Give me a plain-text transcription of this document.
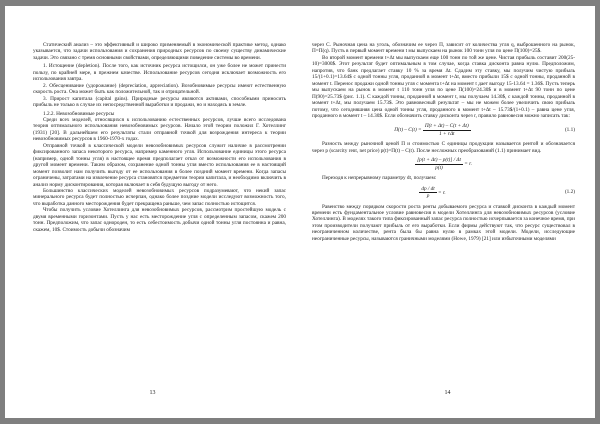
Статический анализ – это эффективный и широко применяемый в экономической практике метод, однако указывается, что задачи использования и сохранения природных ресурсов по своему существу динамические задачи. Это связано с тремя основными свойствами, определяющими поведение системы во времени.

1. Истощение (depletion). После того, как источник ресурса истощился, он уже более не может принести пользу, по крайней мере, в прежнем качестве. Использование ресурсов сегодня исключает возможность его использования завтра.

2. Обесценивание (удорожание) (depreciation, appreciation). Возобновимые ресурсы имеют естественную скорость роста. Она может быть как положительной, так и отрицательной.

3. Прирост капитала (capital gains). Природные ресурсы являются активами, способными приносить прибыль не только в случае их непосредственной выработки и продажи, но и находясь в земле.

1.2.2. Невозобновимые ресурсы

Среди всех моделей, относящихся к использованию естественных ресурсов, лучше всего исследована теория оптимального использования невозобновимых ресурсов. Начало этой теории положил Г. Хотеллинг (1931) [20]. В дальнейшем его результаты стали отправной точкой для возрождения интереса к теории невозобновимых ресурсов в 1960-1970-х годах.

Отправной точкой в классической модели невозобновимых ресурсов служит наличие в рассмотрении фиксированного запаса некоторого ресурса, например каменного угля. Использование единицы этого ресурса (например, одной тонны угля) в настоящее время предполагает отказ от возможности его использования в другой момент времени. Таким образом, сохранение одной тонны угля вместо использования ее в настоящий момент позволит нам получить выгоду от ее использования в более поздний момент времени. Когда запасы ограничены, затратами на извлечение ресурса становятся предметом теории капитала, и необходимо включить в анализ норму дисконтирования, которая включает в себя будущую выгоду от него.

Большинство классических моделей невозобновимых ресурсов подразумевают, что некий запас минерального ресурса будет полностью исчерпан, однако более поздние модели исследуют возможность того, что выработка данного месторождения будет прекращена раньше, чем запас полностью истощится.

Чтобы получить условие Хотеллинга для невозобновимых ресурсов, рассмотрим простейшую модель с двумя временными горизонтами. Пусть у нас есть месторождение угля с определенным запасом, скажем 200 тонн. Предположим, что запас однороден, то есть себестоимость добычи одной тонны угля постоянна и равна, скажем, 10$. Стоимость добычи обозначим

13

через C. Рыночная цена на уголь, обозначим ее через П, зависит от количества угля q, выброшенного на рынок, П=П(q). Пусть в первый момент времени t мы выпускаем на рынок 100 тонн угля по цене П(100)=25$.

Во второй момент времени t+Δt мы выпускаем еще 100 тонн по той же цене. Чистая прибыль составит 200(25-10)=3000$. Этот результат будет оптимальным в том случае, когда ставка дисконта равна нулю. Предположим, напротив, что банк предлагает ставку 10 % за время Δt. Сдадим эту ставку, мы получим чистую прибыль 15/(1+0.1)=13.64$ с одной тонны угля, проданной в момент t+Δt, вместо прибыли 15$ с одной тонны, проданной в момент t. Перенос продажи одной тонны угля с момента t+Δt на момент t дает выгоду 15-13.64 = 1.36$. Пусть теперь мы выпускаем на рынок в момент t 110 тонн угля по цене П(100)=24.30$ и в момент t+Δt 90 тонн по цене П(90)=25.73$ (рис. 1.1). С каждой тонны, проданной в момент t, мы получаем 14.30$, с каждой тонны, проданной в момент t+Δt, мы получаем 15.73$. Это равновесный результат – мы не можем более увеличить свою прибыль потому, что сегодняшняя цена одной тонны угля, проданного в момент t+Δt – 15.73$/(1+0.1) – равна цене угля, проданного в момент t – 14.30$. Если обозначить ставку дисконта через r, правило равновесия можно записать так:

$П(t) - C(t) = \frac{П(t + \Delta t) - C(t + \Delta t)}{\text{1 + rΔt}}$	(1.1)

Разность между рыночной ценой П и стоимостью C единицы продукции называется рентой и обозначается через p (scarcity rent, net price) p(t)=П(t) – C(t). После несложных преобразований (1.1) принимает вид.

$\frac{[p(t + \Delta t) - p(t)] / \Delta t}{p(t)} = r$.

Переходя к непрерывному параметру dt, получаем:

$\frac{dp / dt}{p} = r$.	(1.2)

Равенство между порядком скорости роста ренты добываемого ресурса и ставкой дисконта в каждый момент времени есть фундаментальное условие равновесия в модели Хотеллинга для невозобновимых ресурсов (условие Хотеллинга). В моделях такого типа фиксированный запас ресурса полностью исчерпывается за конечное время, при этом производители получают прибыль от его выработки. Если фирмы действуют так, что ресурс существовал в неограниченном количестве, рента была бы равна нулю в рамках этой модели. Модели, исследующие неограниченные ресурсы, называются граничными моделями (Howe, 1979) [21] или избыточными моделями

14
